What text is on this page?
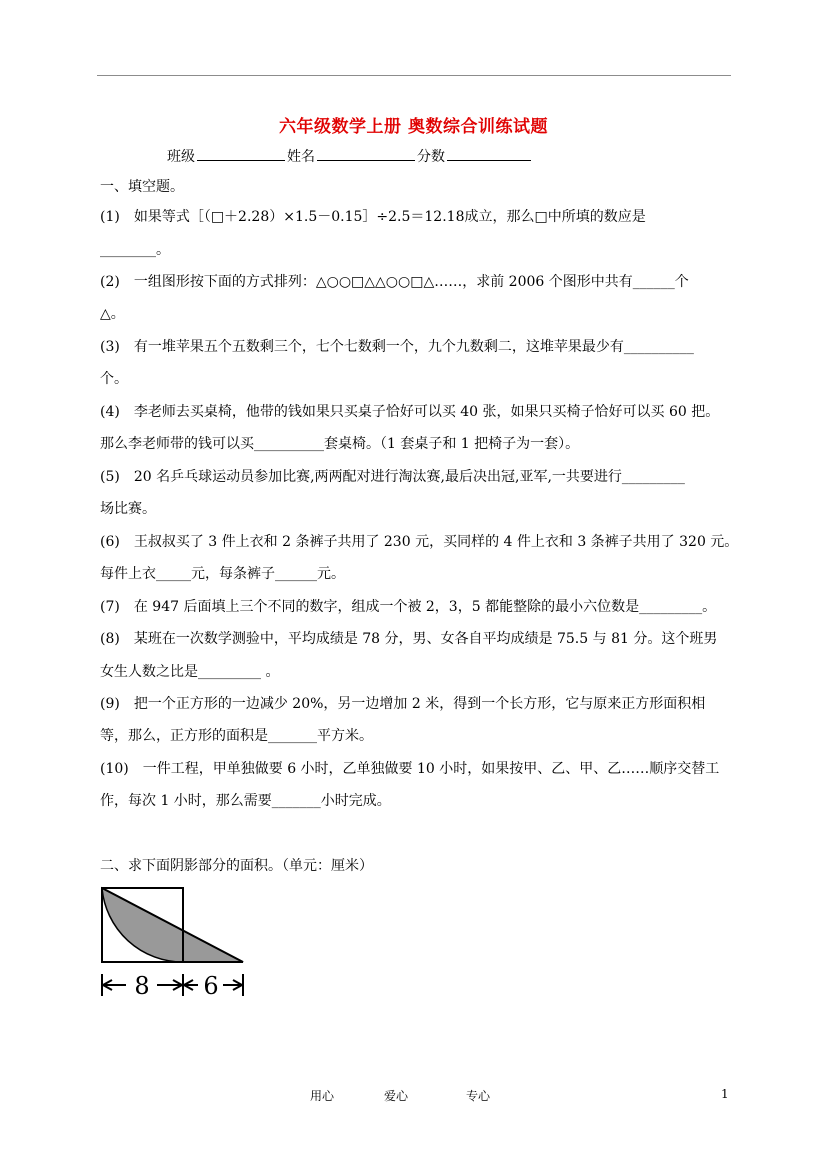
六年级数学上册 奥数综合训练试题
班级	姓名	分数
一、填空题。
(1)　如果等式［（□＋2.28）×1.5－0.15］÷2.5＝12.18成立，那么□中所填的数应是
________。
(2)　一组图形按下面的方式排列：△○○□△△○○□△……，求前 2006 个图形中共有______个
△。
(3)　有一堆苹果五个五数剩三个，七个七数剩一个，九个九数剩二，这堆苹果最少有__________
个。
(4)　李老师去买桌椅，他带的钱如果只买桌子恰好可以买 40 张，如果只买椅子恰好可以买 60 把。
那么李老师带的钱可以买__________套桌椅。（1 套桌子和 1 把椅子为一套）。
(5)　20 名乒乓球运动员参加比赛,两两配对进行淘汰赛,最后决出冠,亚军,一共要进行_________
场比赛。
(6)　王叔叔买了 3 件上衣和 2 条裤子共用了 230 元，买同样的 4 件上衣和 3 条裤子共用了 320 元。
每件上衣_____元，每条裤子______元。
(7)　在 947 后面填上三个不同的数字，组成一个被 2，3，5 都能整除的最小六位数是_________。
(8)　某班在一次数学测验中，平均成绩是 78 分，男、女各自平均成绩是 75.5 与 81 分。这个班男
女生人数之比是_________ 。
(9)　把一个正方形的一边减少 20%，另一边增加 2 米，得到一个长方形，它与原来正方形面积相
等，那么，正方形的面积是_______平方米。
(10)　一件工程，甲单独做要 6 小时，乙单独做要 10 小时，如果按甲、乙、甲、乙……顺序交替工
作，每次 1 小时，那么需要_______小时完成。
二、求下面阴影部分的面积。（单元：厘米）
8 6
用心	爱心	专心	1
